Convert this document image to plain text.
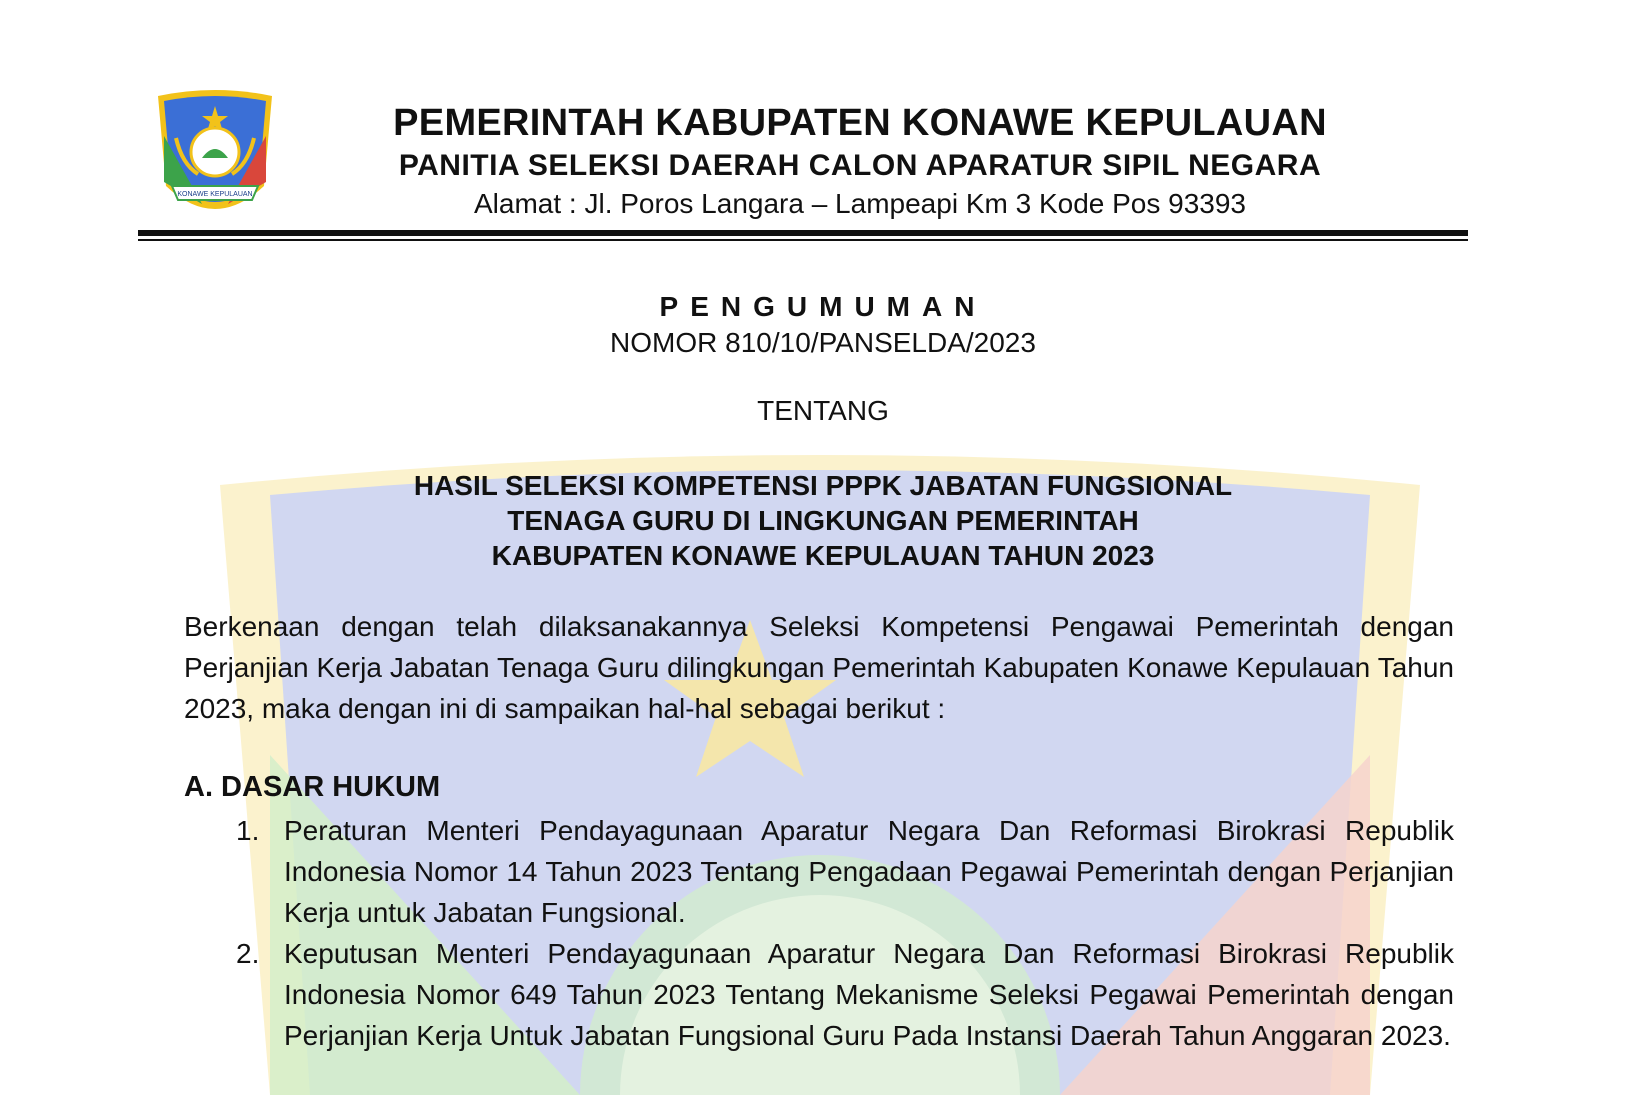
KONAWE KEPULAUAN
PEMERINTAH KABUPATEN KONAWE KEPULAUAN
PANITIA SELEKSI DAERAH CALON APARATUR SIPIL NEGARA
Alamat : Jl. Poros Langara – Lampeapi Km 3 Kode Pos 93393
PENGUMUMAN
NOMOR 810/10/PANSELDA/2023
TENTANG
HASIL SELEKSI KOMPETENSI PPPK JABATAN FUNGSIONAL
TENAGA GURU DI LINGKUNGAN PEMERINTAH
KABUPATEN KONAWE KEPULAUAN TAHUN 2023
Berkenaan dengan telah dilaksanakannya Seleksi Kompetensi Pengawai Pemerintah dengan Perjanjian Kerja Jabatan Tenaga Guru dilingkungan Pemerintah Kabupaten Konawe Kepulauan Tahun 2023, maka dengan ini di sampaikan hal-hal sebagai berikut :
A. DASAR HUKUM
1. Peraturan Menteri Pendayagunaan Aparatur Negara Dan Reformasi Birokrasi Republik Indonesia Nomor 14 Tahun 2023 Tentang Pengadaan Pegawai Pemerintah dengan Perjanjian Kerja untuk Jabatan Fungsional.
2. Keputusan Menteri Pendayagunaan Aparatur Negara Dan Reformasi Birokrasi Republik Indonesia Nomor 649 Tahun 2023 Tentang Mekanisme Seleksi Pegawai Pemerintah dengan Perjanjian Kerja Untuk Jabatan Fungsional Guru Pada Instansi Daerah Tahun Anggaran 2023.
